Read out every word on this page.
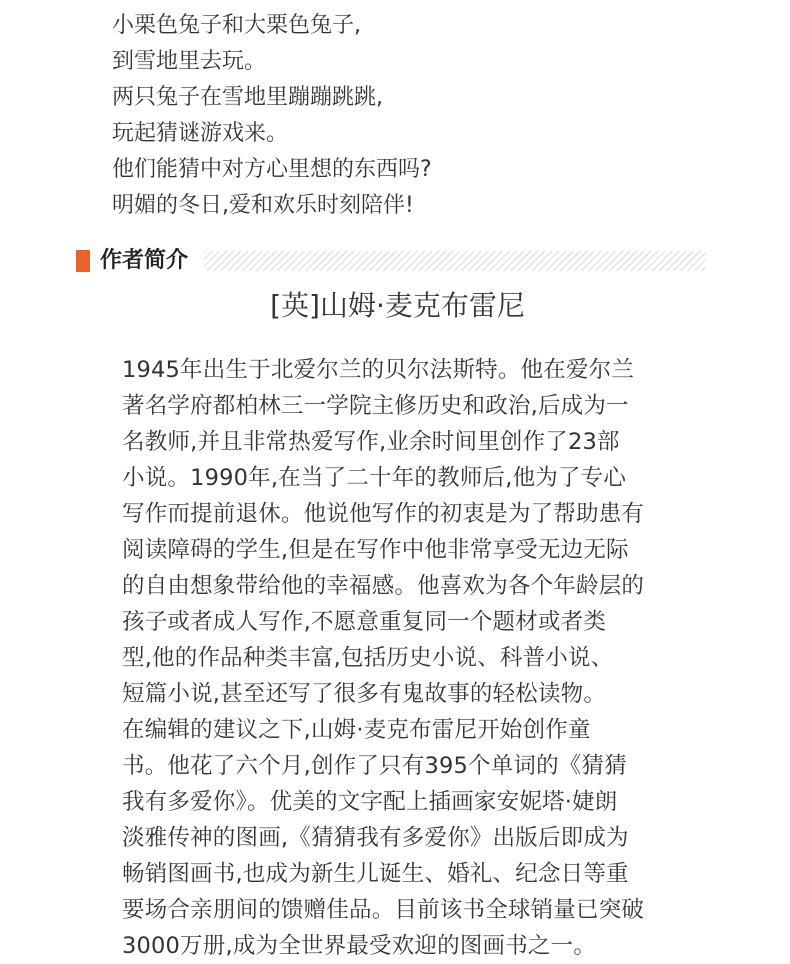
小栗色兔子和大栗色兔子,
到雪地里去玩。
两只兔子在雪地里蹦蹦跳跳,
玩起猜谜游戏来。
他们能猜中对方心里想的东西吗?
明媚的冬日,爱和欢乐时刻陪伴!
作者简介
[英]山姆·麦克布雷尼
1945年出生于北爱尔兰的贝尔法斯特。他在爱尔兰
著名学府都柏林三一学院主修历史和政治,后成为一
名教师,并且非常热爱写作,业余时间里创作了23部
小说。1990年,在当了二十年的教师后,他为了专心
写作而提前退休。他说他写作的初衷是为了帮助患有
阅读障碍的学生,但是在写作中他非常享受无边无际
的自由想象带给他的幸福感。他喜欢为各个年龄层的
孩子或者成人写作,不愿意重复同一个题材或者类
型,他的作品种类丰富,包括历史小说、科普小说、
短篇小说,甚至还写了很多有鬼故事的轻松读物。
在编辑的建议之下,山姆·麦克布雷尼开始创作童
书。他花了六个月,创作了只有395个单词的《猜猜
我有多爱你》。优美的文字配上插画家安妮塔·婕朗
淡雅传神的图画,《猜猜我有多爱你》出版后即成为
畅销图画书,也成为新生儿诞生、婚礼、纪念日等重
要场合亲朋间的馈赠佳品。目前该书全球销量已突破
3000万册,成为全世界最受欢迎的图画书之一。
